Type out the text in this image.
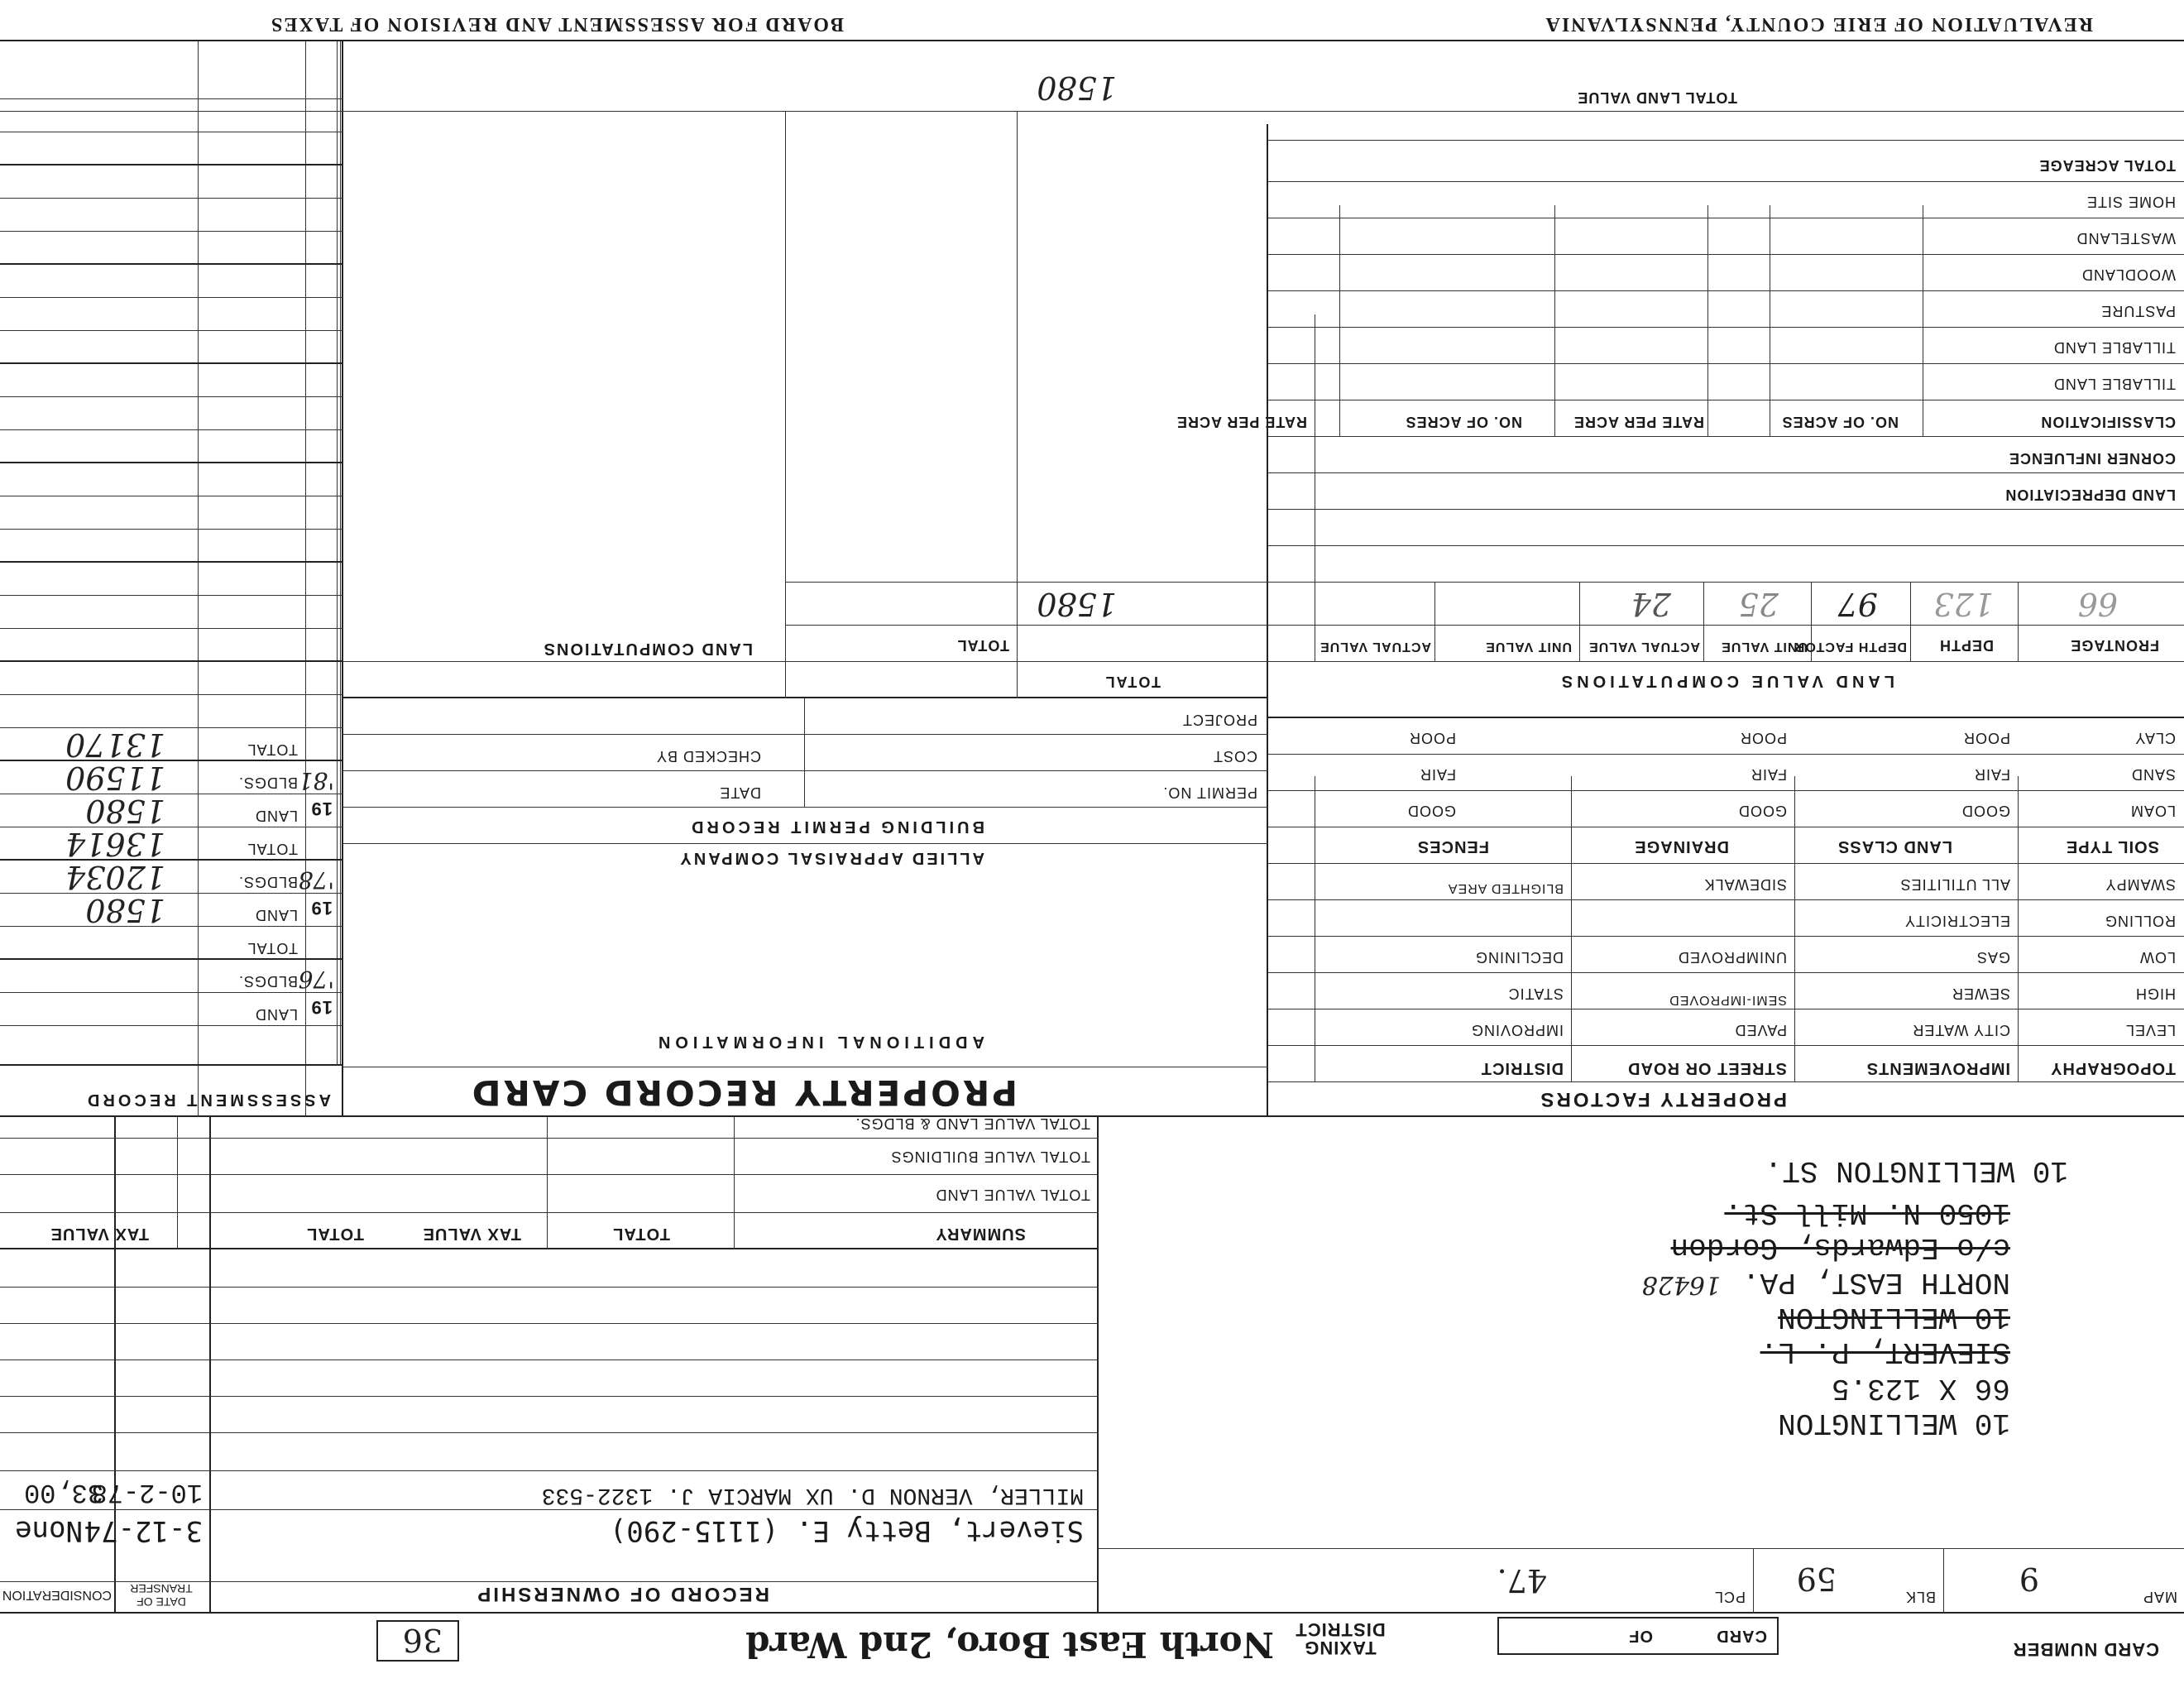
CARD NUMBER
CARD
OF
TAXING DISTRICT
North East Boro, 2nd Ward
36
MAP
9
BLK
59
PCL
47.
10 WELLINGTON
66 X 123.5
SIEVERT, P. L.
10 WELLINGTON
NORTH EAST, PA.
16428
c/o Edwards, Gordon
1050 N. Mill St.
10 WELLINGTON ST.
RECORD OF OWNERSHIP
DATE OF TRANSFER
CONSIDERATION
Sievert, Betty E. (1115-290)
3-12-74
None
MILLER, VERNON D. UX MARCIA J. 1322-533
10-2-78
33,00
SUMMARY
TOTAL
TAX VALUE
TOTAL
TAX VALUE
TOTAL VALUE LAND
TOTAL VALUE BUILDINGS
TOTAL VALUE LAND & BLDGS.
PROPERTY FACTORS
TOPOGRAPHY
IMPROVEMENTS
STREET OR ROAD
DISTRICT
LEVEL
HIGH
LOW
ROLLING
SWAMPY
CITY WATER
SEWER
GAS
ELECTRICITY
ALL UTILITIES
PAVED
SEMI-IMPROVED
UNIMPROVED
SIDEWALK
IMPROVING
STATIC
DECLINING
BLIGHTED AREA
SOIL TYPE
LAND CLASS
DRAINAGE
FENCES
LOAM
SAND
CLAY
GOOD
FAIR
POOR
GOOD
FAIR
POOR
GOOD
FAIR
POOR
PROPERTY RECORD CARD
ADDITIONAL INFORMATION
ALLIED APPRAISAL COMPANY
BUILDING PERMIT RECORD
DATE
CHECKED BY
PERMIT NO.
COST
PROJECT
LAND VALUE COMPUTATIONS
FRONTAGE
DEPTH
DEPTH FACTOR
UNIT VALUE
ACTUAL VALUE
UNIT VALUE
ACTUAL VALUE
66
123
97
25
24
LAND DEPRECIATION
CORNER INFLUENCE
CLASSIFICATION
NO. OF ACRES
RATE PER ACRE
NO. OF ACRES
RATE PER ACRE
TILLABLE LAND
TILLABLE LAND
PASTURE
WOODLAND
WASTELAND
HOME SITE
TOTAL ACREAGE
TOTAL LAND VALUE
TOTAL
TOTAL
1580
1580
LAND COMPUTATIONS
ASSESSMENT RECORD
LAND
BLDGS.
TOTAL
19
'76
LAND
BLDGS.
TOTAL
19
'78
1580
12034
13614
LAND
BLDGS.
TOTAL
19
'81
1580
11590
13170
REVALUATION OF ERIE COUNTY, PENNSYLVANIA
BOARD FOR ASSESSMENT AND REVISION OF TAXES
